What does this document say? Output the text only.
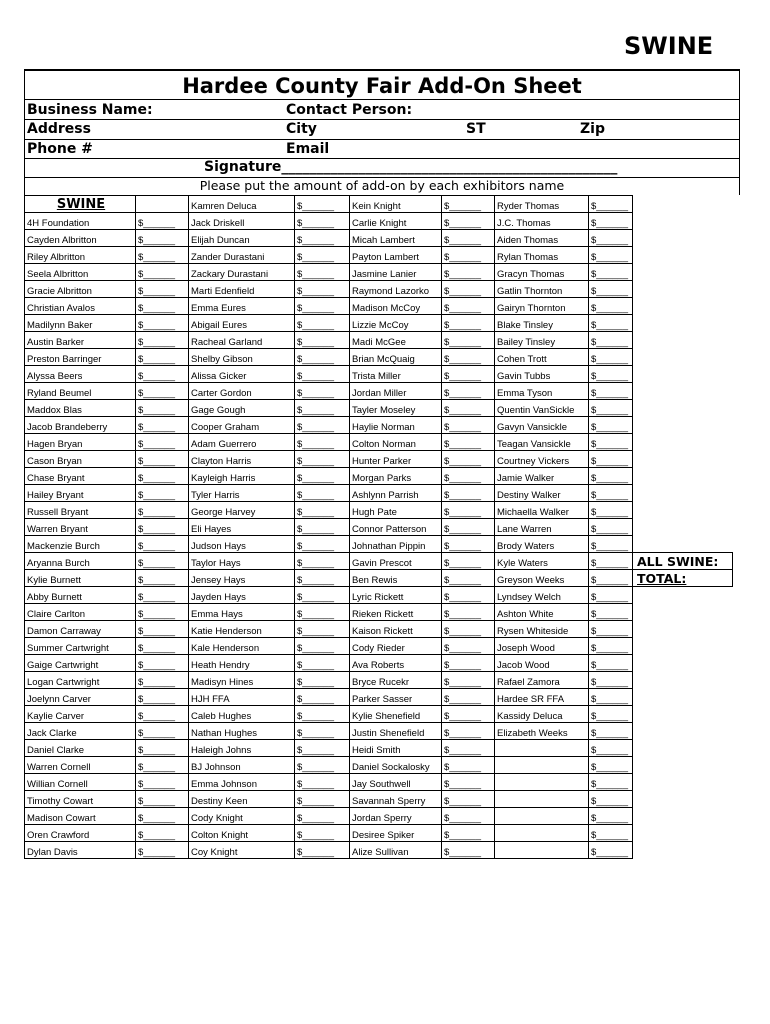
SWINE
Hardee County Fair Add-On Sheet
Business Name:	Contact Person:
Address	City	ST	Zip
Phone #	Email
Signature________________________________________________
Please put the amount of add-on by each exhibitors name
SWINE		Kamren Deluca	$______	Kein Knight	$______	Ryder Thomas	$______	
4H Foundation	$______	Jack Driskell	$______	Carlie Knight	$______	J.C. Thomas	$______	
Cayden Albritton	$______	Elijah Duncan	$______	Micah Lambert	$______	Aiden Thomas	$______	
Riley Albritton	$______	Zander Durastani	$______	Payton Lambert	$______	Rylan Thomas	$______	
Seela Albritton	$______	Zackary Durastani	$______	Jasmine Lanier	$______	Gracyn Thomas	$______	
Gracie Albritton	$______	Marti Edenfield	$______	Raymond Lazorko	$______	Gatlin Thornton	$______	
Christian Avalos	$______	Emma Eures	$______	Madison McCoy	$______	Gairyn Thornton	$______	
Madilynn Baker	$______	Abigail Eures	$______	Lizzie McCoy	$______	Blake Tinsley	$______	
Austin Barker	$______	Racheal Garland	$______	Madi McGee	$______	Bailey Tinsley	$______	
Preston Barringer	$______	Shelby Gibson	$______	Brian McQuaig	$______	Cohen Trott	$______	
Alyssa Beers	$______	Alissa Gicker	$______	Trista Miller	$______	Gavin Tubbs	$______	
Ryland Beumel	$______	Carter Gordon	$______	Jordan Miller	$______	Emma Tyson	$______	
Maddox Blas	$______	Gage Gough	$______	Tayler Moseley	$______	Quentin VanSickle	$______	
Jacob Brandeberry	$______	Cooper Graham	$______	Haylie Norman	$______	Gavyn Vansickle	$______	
Hagen Bryan	$______	Adam Guerrero	$______	Colton Norman	$______	Teagan Vansickle	$______	
Cason Bryan	$______	Clayton Harris	$______	Hunter Parker	$______	Courtney Vickers	$______	
Chase Bryant	$______	Kayleigh Harris	$______	Morgan Parks	$______	Jamie Walker	$______	
Hailey Bryant	$______	Tyler Harris	$______	Ashlynn Parrish	$______	Destiny Walker	$______	
Russell Bryant	$______	George Harvey	$______	Hugh Pate	$______	Michaella Walker	$______	
Warren Bryant	$______	Eli Hayes	$______	Connor Patterson	$______	Lane Warren	$______	
Mackenzie Burch	$______	Judson Hays	$______	Johnathan Pippin	$______	Brody Waters	$______	
Aryanna Burch	$______	Taylor Hays	$______	Gavin Prescot	$______	Kyle Waters	$______	ALL SWINE:
Kylie Burnett	$______	Jensey Hays	$______	Ben Rewis	$______	Greyson Weeks	$______	TOTAL:
Abby Burnett	$______	Jayden Hays	$______	Lyric Rickett	$______	Lyndsey Welch	$______	
Claire Carlton	$______	Emma Hays	$______	Rieken Rickett	$______	Ashton White	$______	
Damon Carraway	$______	Katie Henderson	$______	Kaison Rickett	$______	Rysen Whiteside	$______	
Summer Cartwright	$______	Kale Henderson	$______	Cody Rieder	$______	Joseph Wood	$______	
Gaige Cartwright	$______	Heath Hendry	$______	Ava Roberts	$______	Jacob Wood	$______	
Logan Cartwright	$______	Madisyn Hines	$______	Bryce Rucekr	$______	Rafael Zamora	$______	
Joelynn Carver	$______	HJH FFA	$______	Parker Sasser	$______	Hardee SR FFA	$______	
Kaylie Carver	$______	Caleb Hughes	$______	Kylie Shenefield	$______	Kassidy Deluca	$______	
Jack Clarke	$______	Nathan Hughes	$______	Justin Shenefield	$______	Elizabeth Weeks	$______	
Daniel Clarke	$______	Haleigh Johns	$______	Heidi Smith	$______		$______	
Warren Cornell	$______	BJ Johnson	$______	Daniel Sockalosky	$______		$______	
Willian Cornell	$______	Emma Johnson	$______	Jay Southwell	$______		$______	
Timothy Cowart	$______	Destiny Keen	$______	Savannah Sperry	$______		$______	
Madison Cowart	$______	Cody Knight	$______	Jordan Sperry	$______		$______	
Oren Crawford	$______	Colton Knight	$______	Desiree Spiker	$______		$______	
Dylan Davis	$______	Coy Knight	$______	Alize Sullivan	$______		$______	
